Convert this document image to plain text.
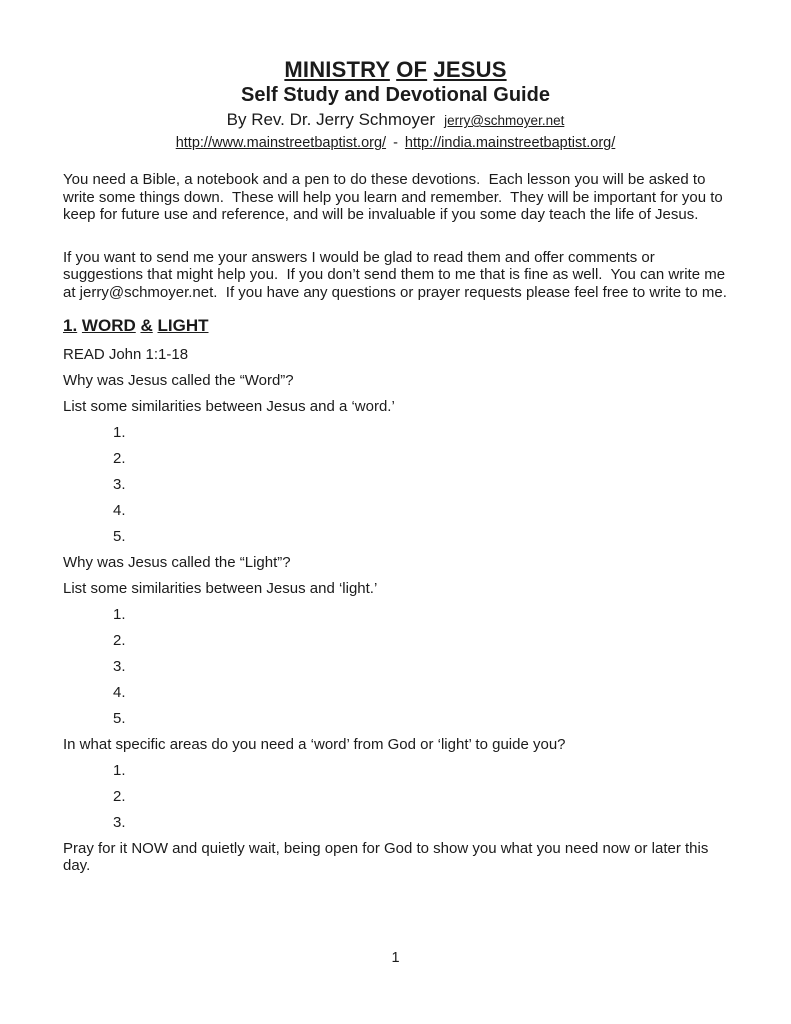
MINISTRY OF JESUS
Self Study and Devotional Guide
By Rev. Dr. Jerry Schmoyer jerry@schmoyer.net
http://www.mainstreetbaptist.org/ - http://india.mainstreetbaptist.org/
You need a Bible, a notebook and a pen to do these devotions.  Each lesson you will be asked to write some things down.  These will help you learn and remember.  They will be important for you to keep for future use and reference, and will be invaluable if you some day teach the life of Jesus.
If you want to send me your answers I would be glad to read them and offer comments or suggestions that might help you.  If you don’t send them to me that is fine as well.  You can write me at jerry@schmoyer.net.  If you have any questions or prayer requests please feel free to write to me.
1. WORD & LIGHT
READ John 1:1-18
Why was Jesus called the “Word”?
List some similarities between Jesus and a ‘word.’
1.
2.
3.
4.
5.
Why was Jesus called the “Light”?
List some similarities between Jesus and ‘light.’
1.
2.
3.
4.
5.
In what specific areas do you need a ‘word’ from God or ‘light’ to guide you?
1.
2.
3.
Pray for it NOW and quietly wait, being open for God to show you what you need now or later this day.
1
